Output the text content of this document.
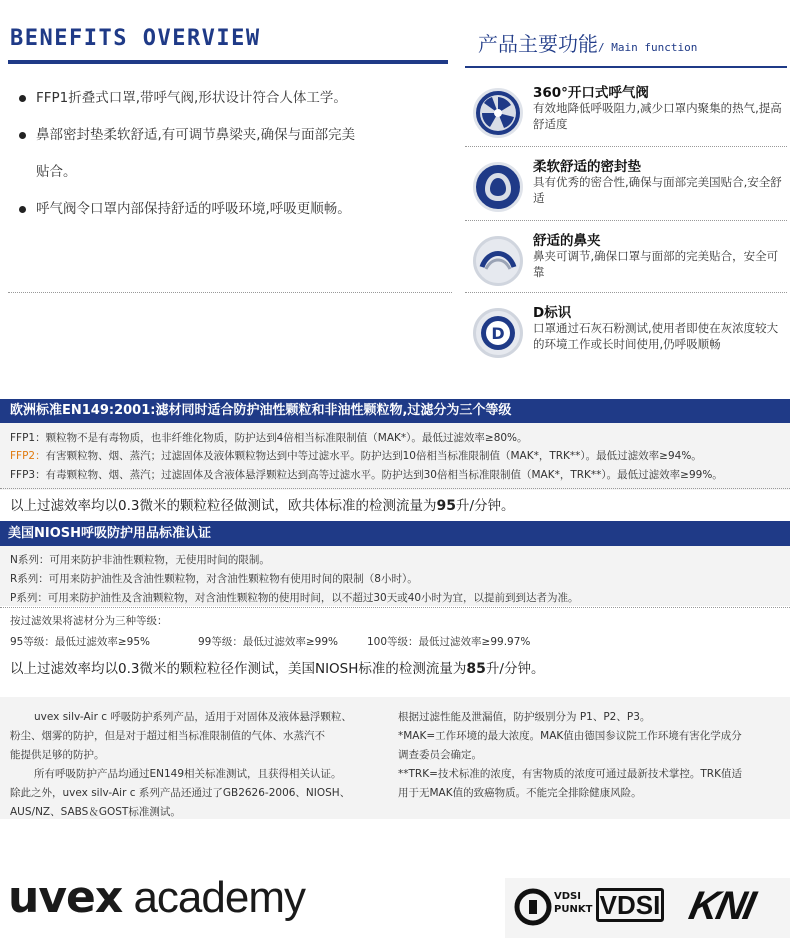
BENEFITS OVERVIEW	产品主要功能/ Main function
FFP1折叠式口罩,带呼气阀,形状设计符合人体工学。
鼻部密封垫柔软舒适,有可调节鼻梁夹,确保与面部完美
贴合。
呼气阀令口罩内部保持舒适的呼吸环境,呼吸更顺畅。
360°开口式呼气阀
有效地降低呼吸阻力,减少口罩内聚集的热气,提高舒适度
柔软舒适的密封垫
具有优秀的密合性,确保与面部完美国贴合,安全舒适
舒适的鼻夹
鼻夹可调节,确保口罩与面部的完美贴合，安全可靠
D
D标识
口罩通过石灰石粉测试,使用者即使在灰浓度较大的环境工作或长时间使用,仍呼吸顺畅
欧洲标准EN149:2001:滤材同时适合防护油性颗粒和非油性颗粒物,过滤分为三个等级
FFP1：颗粒物不是有毒物质，也非纤维化物质，防护达到4倍相当标准限制值（MAK*）。最低过滤效率≥80%。
FFP2：有害颗粒物、烟、蒸汽；过滤固体及液体颗粒物达到中等过滤水平。防护达到10倍相当标准限制值（MAK*，TRK**）。最低过滤效率≥94%。
FFP3：有毒颗粒物、烟、蒸汽；过滤固体及含液体悬浮颗粒达到高等过滤水平。防护达到30倍相当标准限制值（MAK*，TRK**）。最低过滤效率≥99%。
以上过滤效率均以0.3微米的颗粒粒径做测试，欧共体标准的检测流量为95升/分钟。
美国NIOSH呼吸防护用品标准认证
N系列：可用来防护非油性颗粒物，无使用时间的限制。
R系列：可用来防护油性及含油性颗粒物，对含油性颗粒物有使用时间的限制（8小时）。
P系列：可用来防护油性及含油颗粒物，对含油性颗粒物的使用时间，以不超过30天或40小时为宜，以提前到到达者为准。
按过滤效果将滤材分为三种等级：
95等级：最低过滤效率≥95%	99等级：最低过滤效率≥99%	100等级：最低过滤效率≥99.97%
以上过滤效率均以0.3微米的颗粒粒径作测试，美国NIOSH标准的检测流量为85升/分钟。
uvex silv-Air c 呼吸防护系列产品，适用于对固体及液体悬浮颗粒、
粉尘、烟雾的防护，但是对于超过相当标准限制值的气体、水蒸汽不
能提供足够的防护。
所有呼吸防护产品均通过EN149相关标准测试，且获得相关认证。
除此之外，uvex silv-Air c 系列产品还通过了GB2626-2006、NIOSH、
AUS/NZ、SABS＆GOST标准测试。
根据过滤性能及泄漏值，防护级别分为 P1、P2、P3。
*MAK=工作环境的最大浓度。MAK值由德国参议院工作环境有害化学成分
调查委员会确定。
**TRK=技术标准的浓度，有害物质的浓度可通过最新技术掌控。TRK值适
用于无MAK值的致癌物质。不能完全排除健康风险。
uvex academy	VDSI
PUNKT VDSI KNI
